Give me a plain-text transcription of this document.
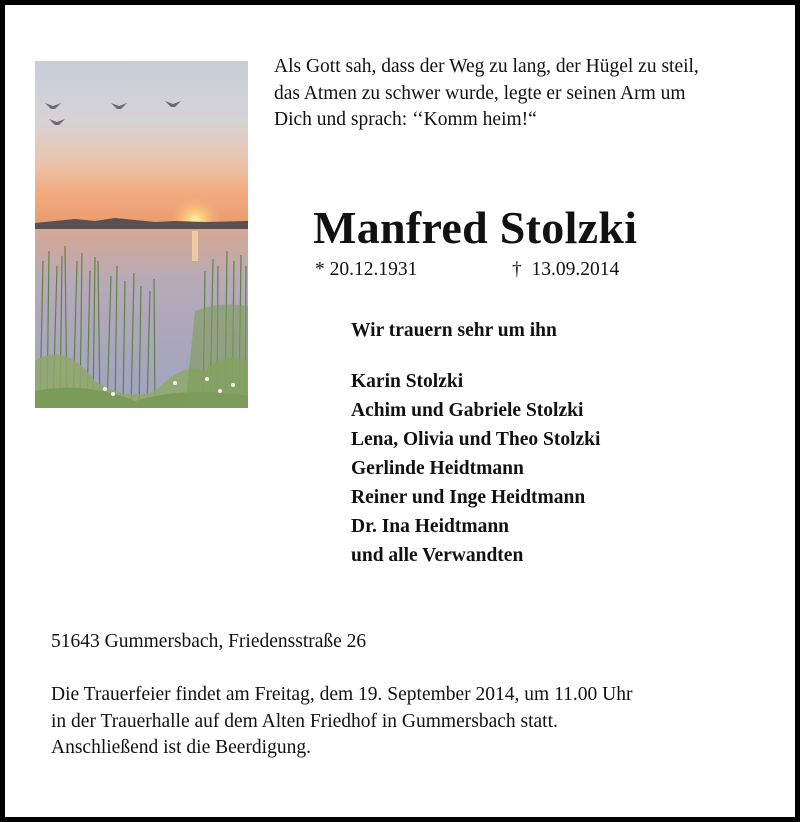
Als Gott sah, dass der Weg zu lang, der Hügel zu steil,

das Atmen zu schwer wurde, legte er seinen Arm um

Dich und sprach: ‘‘Komm heim!“

Manfred Stolzki
* 20.12.1931	† 13.09.2014
Wir trauern sehr um ihn
Karin Stolzki
Achim und Gabriele Stolzki
Lena, Olivia und Theo Stolzki
Gerlinde Heidtmann
Reiner und Inge Heidtmann
Dr. Ina Heidtmann
und alle Verwandten
51643 Gummersbach, Friedensstraße 26

Die Trauerfeier findet am Freitag, dem 19. September 2014, um 11.00 Uhr

in der Trauerhalle auf dem Alten Friedhof in Gummersbach statt.

Anschließend ist die Beerdigung.
